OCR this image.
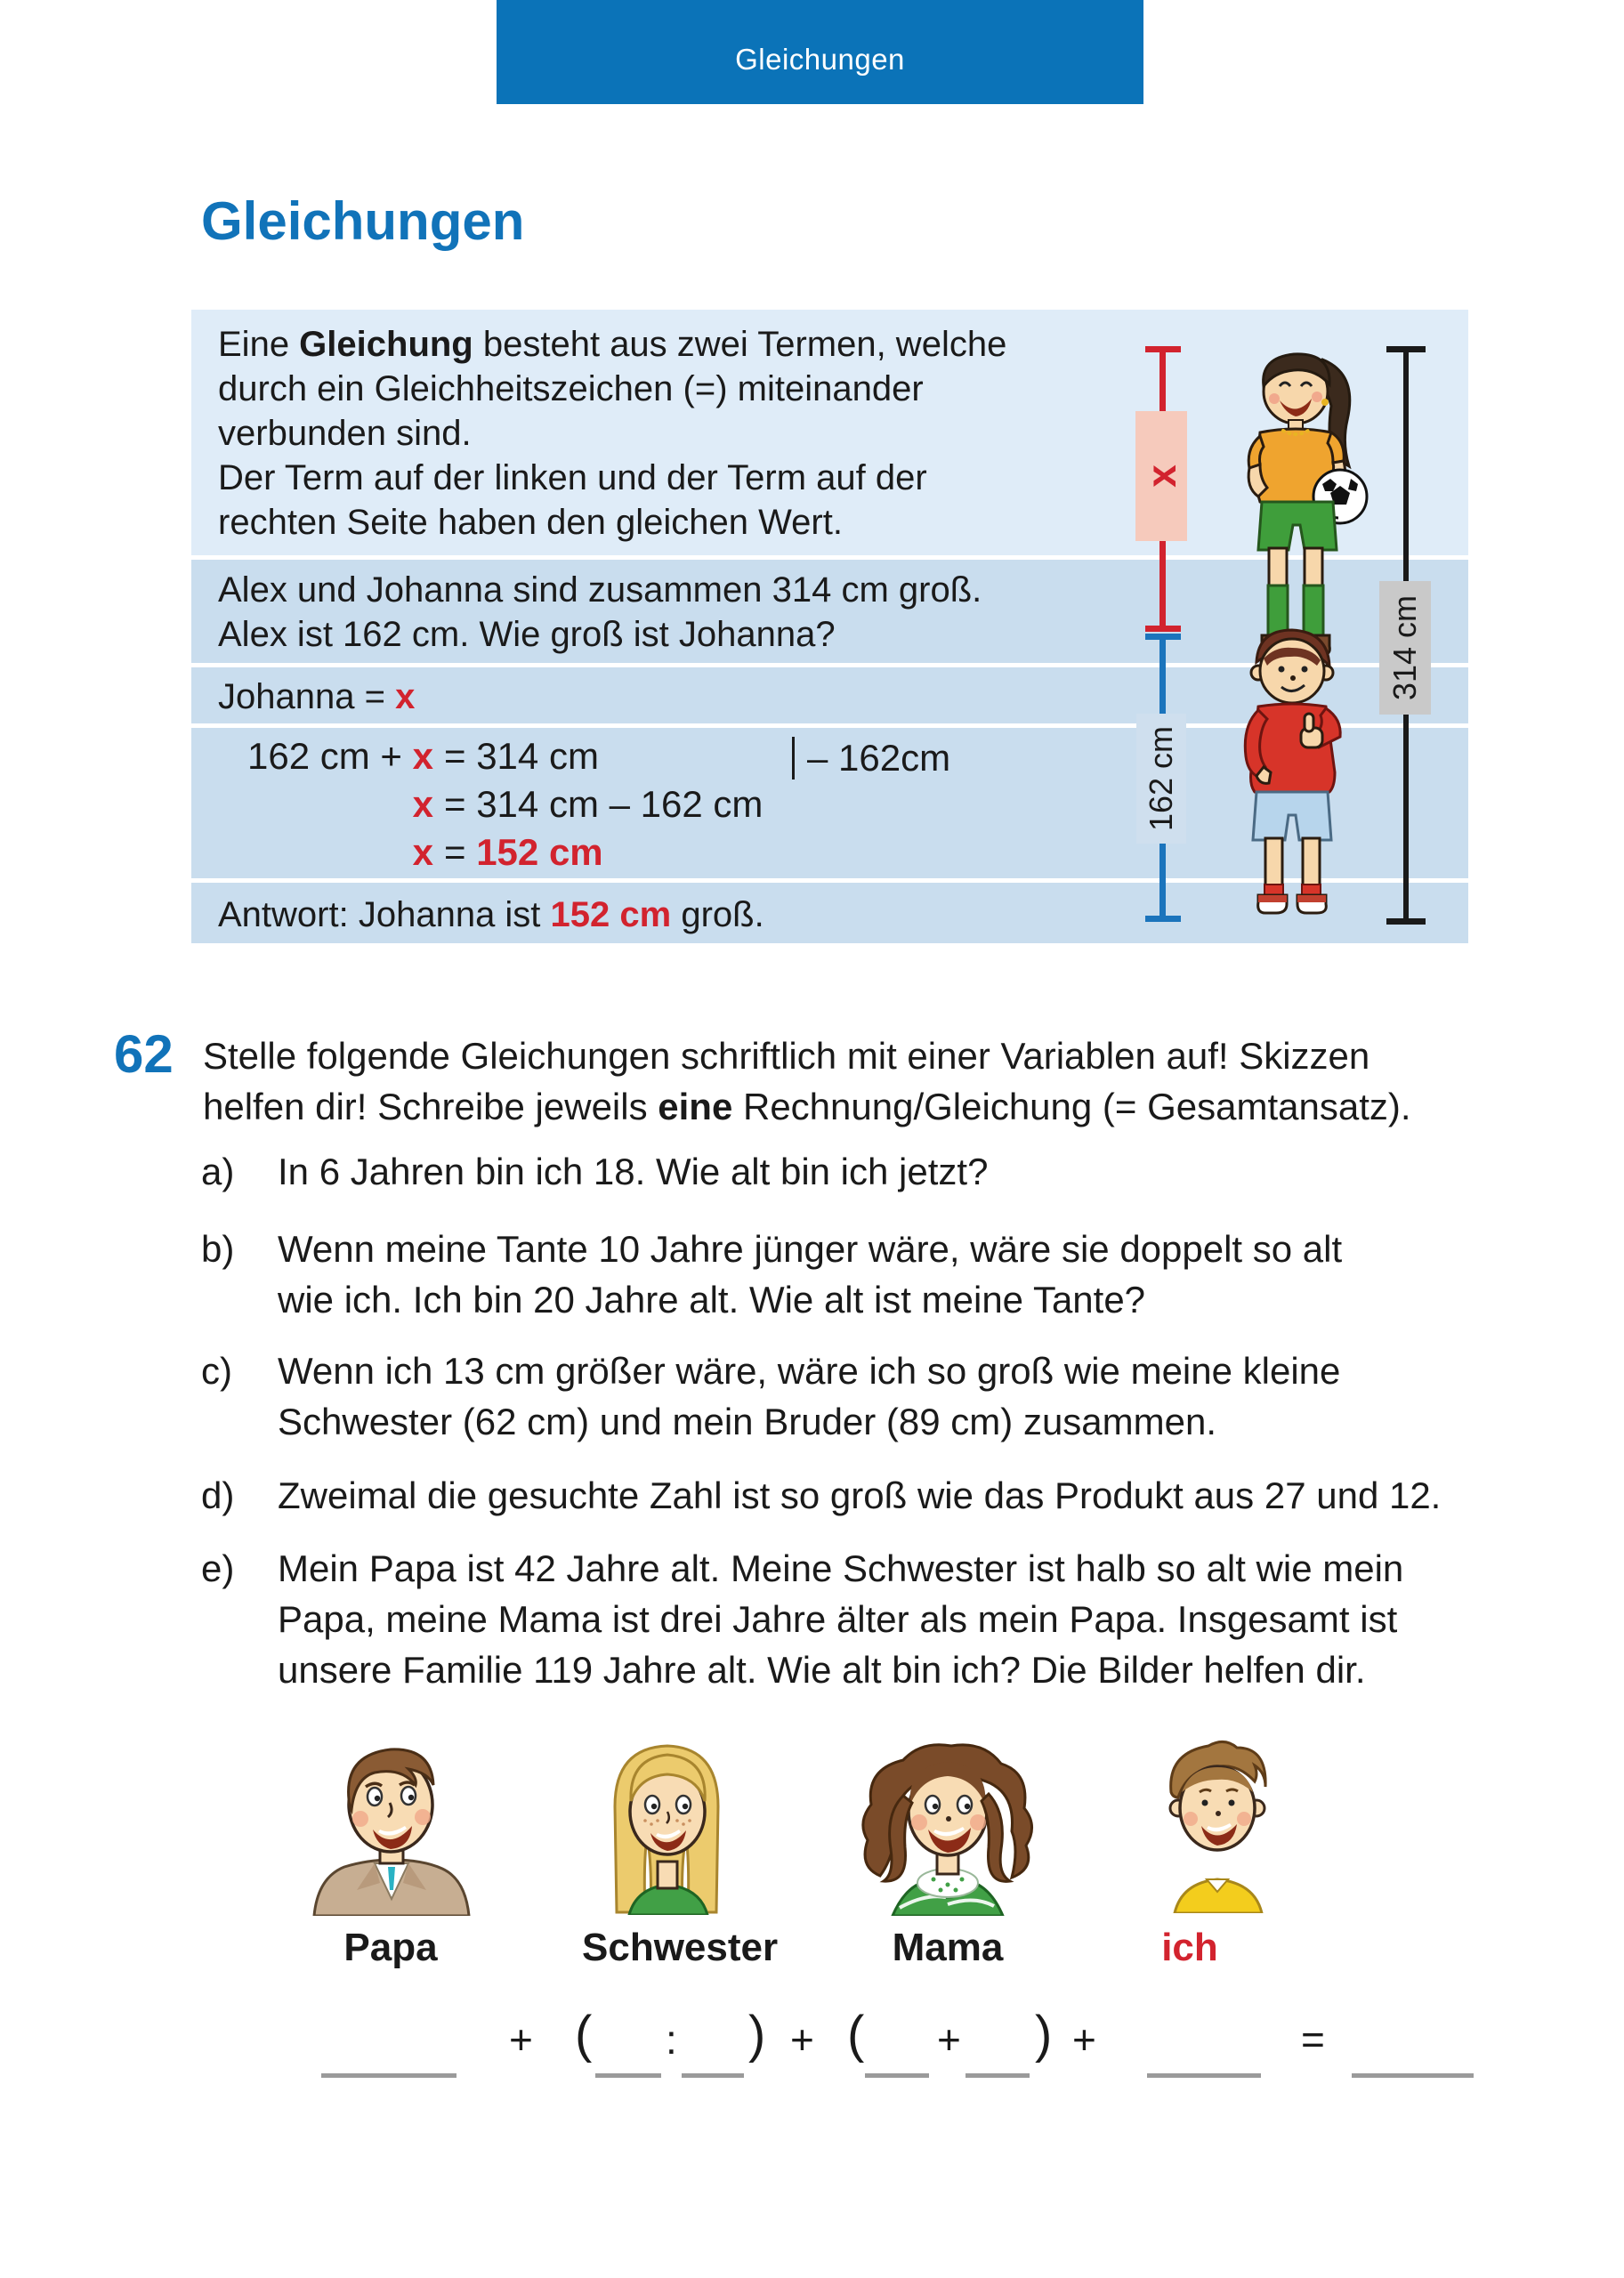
Gleichungen
Gleichungen
Eine Gleichung besteht aus zwei Termen, welche
durch ein Gleichheitszeichen (=) miteinander
verbunden sind.
Der Term auf der linken und der Term auf der
rechten Seite haben den gleichen Wert.
Alex und Johanna sind zusammen 314 cm groß.
Alex ist 162 cm. Wie groß ist Johanna?
Johanna = x
162 cm + x = 314 cm
x = 314 cm – 162 cm
x = 152 cm
– 162cm
Antwort: Johanna ist 152 cm groß.
x
162 cm
314 cm
62 Stelle folgende Gleichungen schriftlich mit einer Variablen auf! Skizzen
helfen dir! Schreibe jeweils eine Rechnung/Gleichung (= Gesamtansatz).
a) In 6 Jahren bin ich 18. Wie alt bin ich jetzt?
b) Wenn meine Tante 10 Jahre jünger wäre, wäre sie doppelt so alt
wie ich. Ich bin 20 Jahre alt. Wie alt ist meine Tante?
c) Wenn ich 13 cm größer wäre, wäre ich so groß wie meine kleine
Schwester (62 cm) und mein Bruder (89 cm) zusammen.
d) Zweimal die gesuchte Zahl ist so groß wie das Produkt aus 27 und 12.
e) Mein Papa ist 42 Jahre alt. Meine Schwester ist halb so alt wie mein
Papa, meine Mama ist drei Jahre älter als mein Papa. Insgesamt ist
unsere Familie 119 Jahre alt. Wie alt bin ich? Die Bilder helfen dir.
Papa	Schwester	Mama	ich
+ ( : ) + ( + ) +	=
